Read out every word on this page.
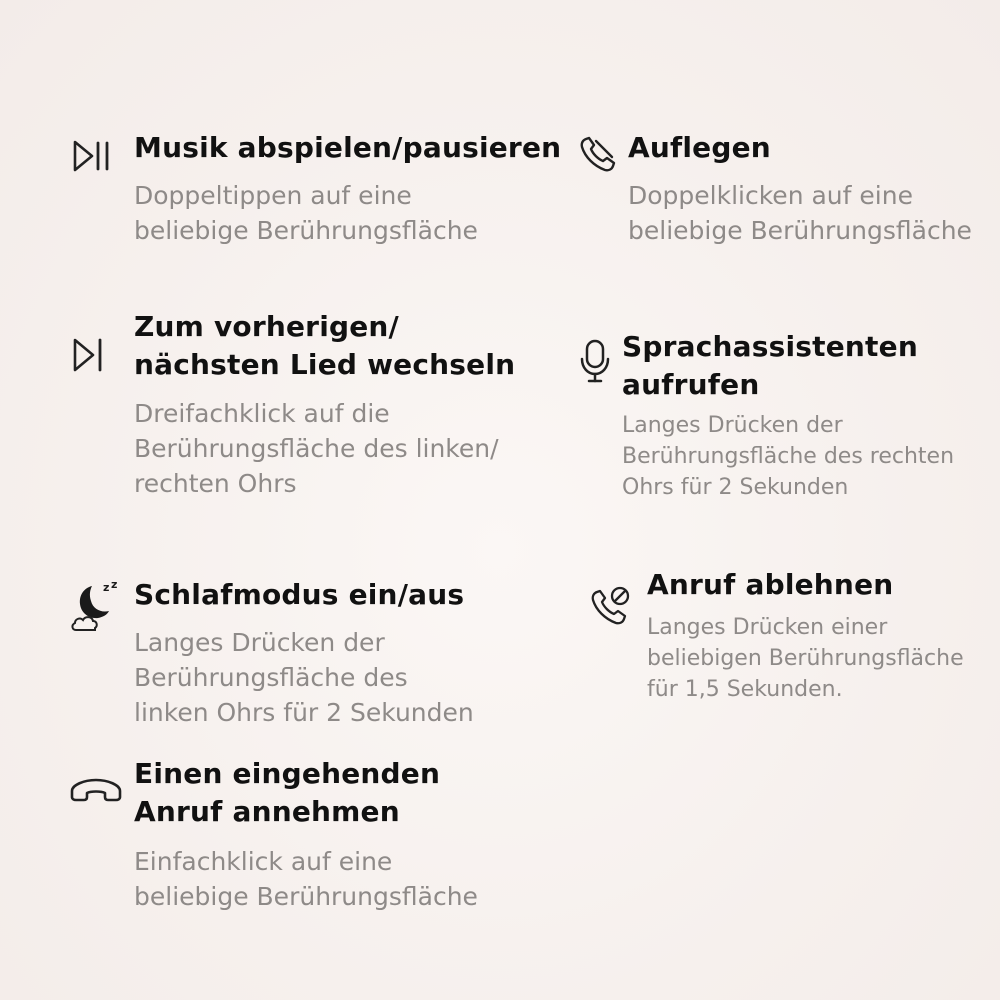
Musik abspielen/pausieren
Doppeltippen auf eine
beliebige Berührungsfläche
Auflegen
Doppelklicken auf eine
beliebige Berührungsfläche
Zum vorherigen/
nächsten Lied wechseln
Dreifachklick auf die
Berührungsfläche des linken/
rechten Ohrs
Sprachassistenten
aufrufen
Langes Drücken der
Berührungsfläche des rechten
Ohrs für 2 Sekunden
z z Schlafmodus ein/aus
Langes Drücken der
Berührungsfläche des
linken Ohrs für 2 Sekunden
Anruf ablehnen
Langes Drücken einer
beliebigen Berührungsfläche
für 1,5 Sekunden.
Einen eingehenden
Anruf annehmen
Einfachklick auf eine
beliebige Berührungsfläche
